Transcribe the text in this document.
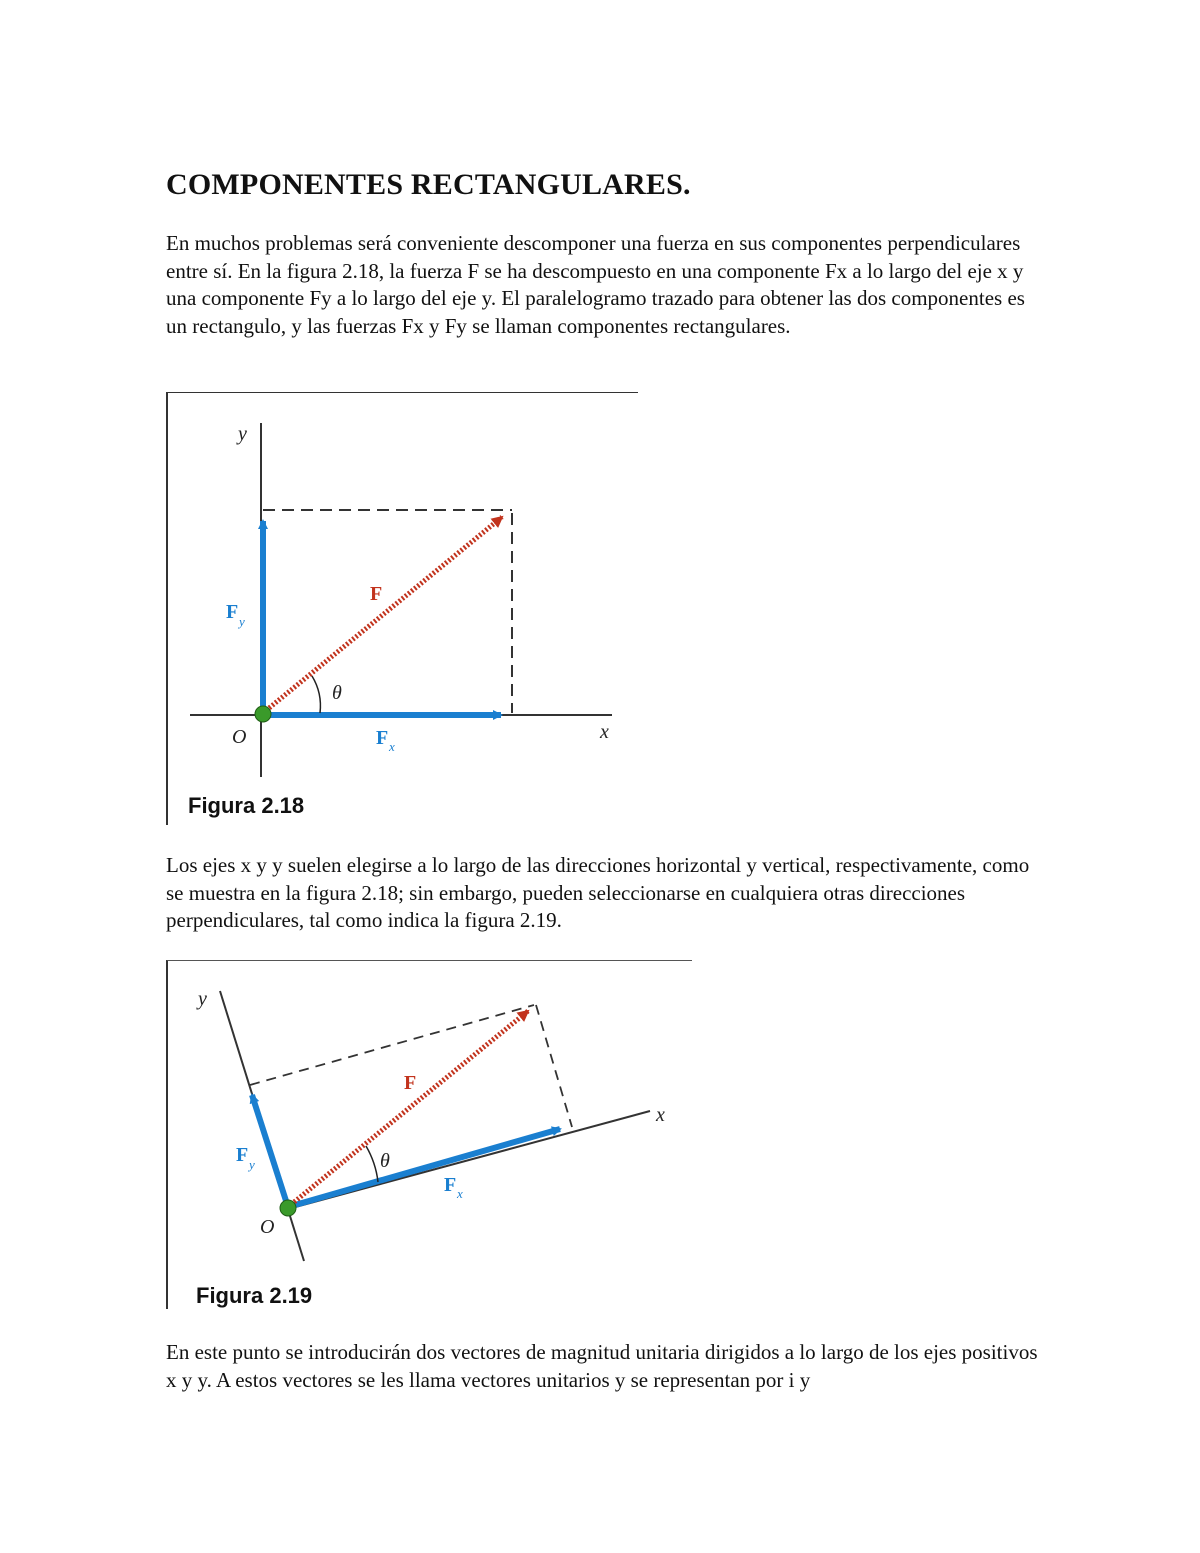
COMPONENTES RECTANGULARES.
En muchos problemas será conveniente descomponer una fuerza en sus componentes perpendiculares entre sí. En la figura 2.18, la fuerza F se ha descompuesto en una componente Fx a lo largo del eje x y una componente Fy a lo largo del eje y. El paralelogramo trazado para obtener las dos componentes es un rectangulo, y las fuerzas Fx y Fy se llaman componentes rectangulares.
y
x
O
F
F y
F x
θ
Figura 2.18
Los ejes x y y suelen elegirse a lo largo de las direcciones horizontal y vertical, respectivamente, como se muestra en la figura 2.18; sin embargo, pueden seleccionarse en cualquiera otras direcciones perpendiculares, tal como indica la figura 2.19.
y
x
O
F
F y
F x
θ
Figura 2.19
En este punto se introducirán dos vectores de magnitud unitaria dirigidos a lo largo de los ejes positivos x y y. A estos vectores se les llama vectores unitarios y se representan por i y
